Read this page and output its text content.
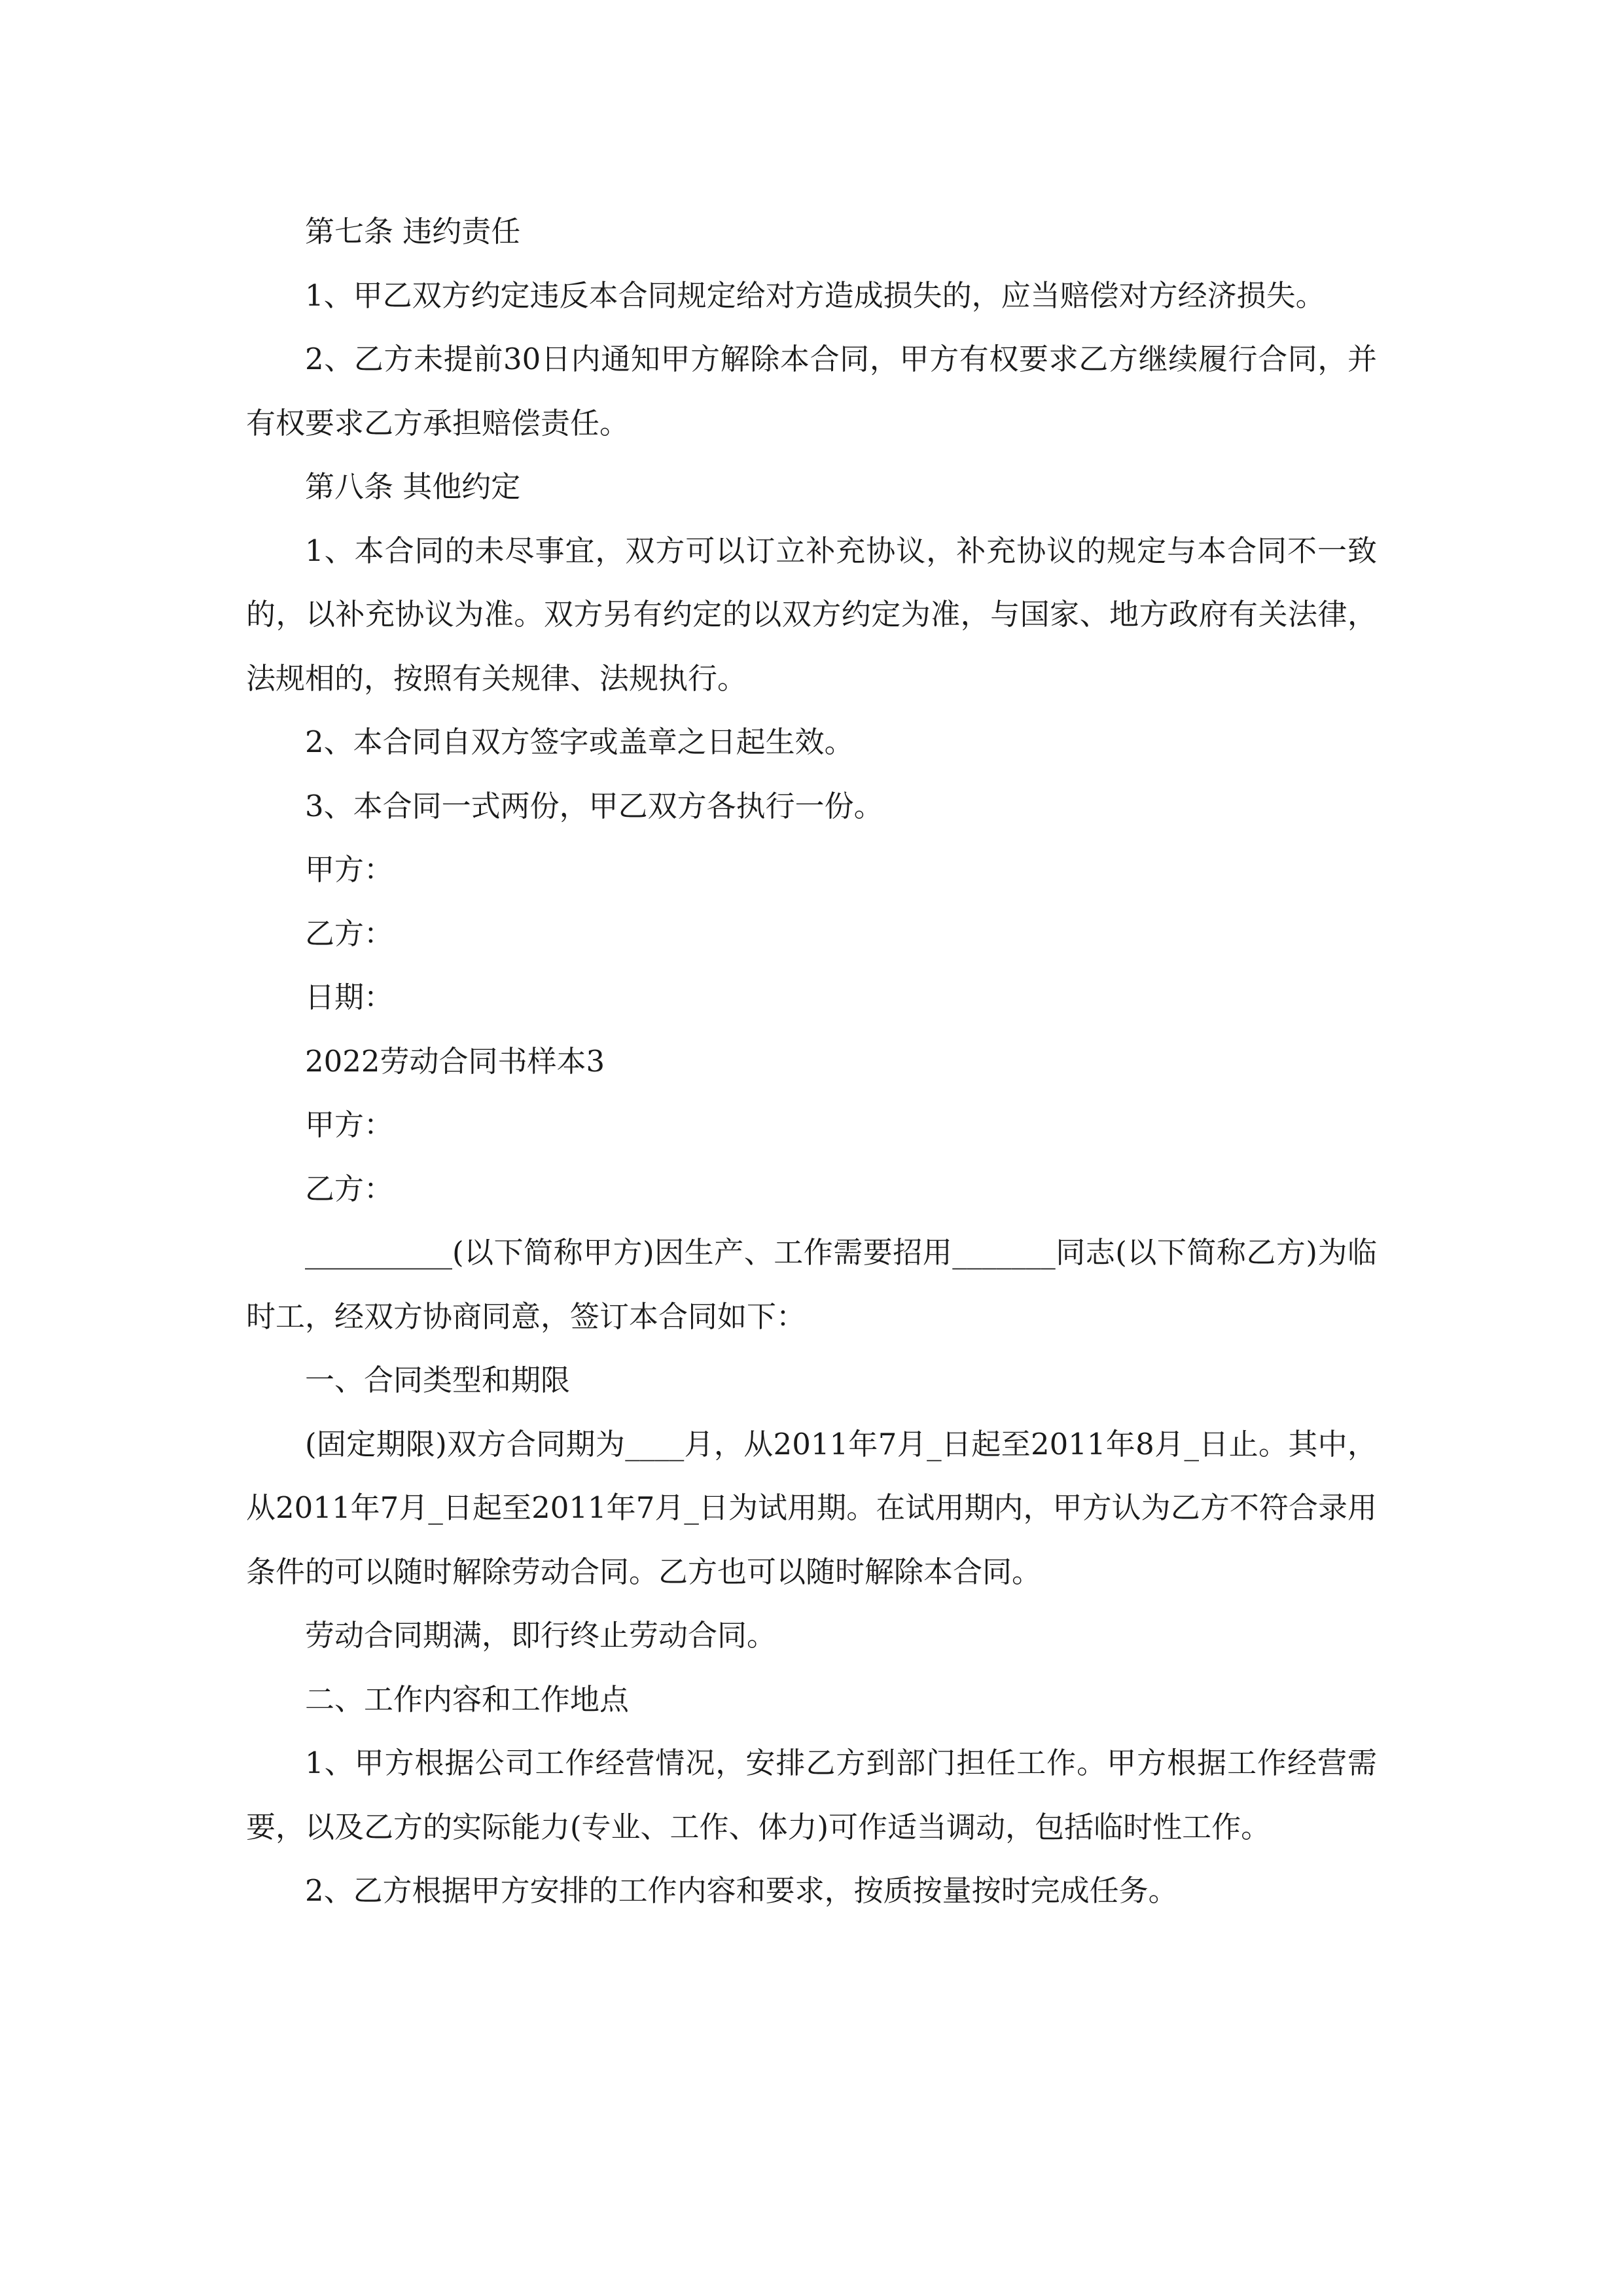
第七条 违约责任

1、甲乙双方约定违反本合同规定给对方造成损失的，应当赔偿对方经济损失。

2、乙方未提前30日内通知甲方解除本合同，甲方有权要求乙方继续履行合同，并有权要求乙方承担赔偿责任。

第八条 其他约定

1、本合同的未尽事宜，双方可以订立补充协议，补充协议的规定与本合同不一致的，以补充协议为准。双方另有约定的以双方约定为准，与国家、地方政府有关法律，法规相的，按照有关规律、法规执行。

2、本合同自双方签字或盖章之日起生效。

3、本合同一式两份，甲乙双方各执行一份。

甲方：

乙方：

日期：

2022劳动合同书样本3

甲方：

乙方：

__________(以下简称甲方)因生产、工作需要招用_______同志(以下简称乙方)为临时工，经双方协商同意，签订本合同如下：

一、合同类型和期限

(固定期限)双方合同期为____月，从2011年7月_日起至2011年8月_日止。其中，从2011年7月_日起至2011年7月_日为试用期。在试用期内，甲方认为乙方不符合录用条件的可以随时解除劳动合同。乙方也可以随时解除本合同。

劳动合同期满，即行终止劳动合同。

二、工作内容和工作地点

1、甲方根据公司工作经营情况，安排乙方到部门担任工作。甲方根据工作经营需要，以及乙方的实际能力(专业、工作、体力)可作适当调动，包括临时性工作。

2、乙方根据甲方安排的工作内容和要求，按质按量按时完成任务。
